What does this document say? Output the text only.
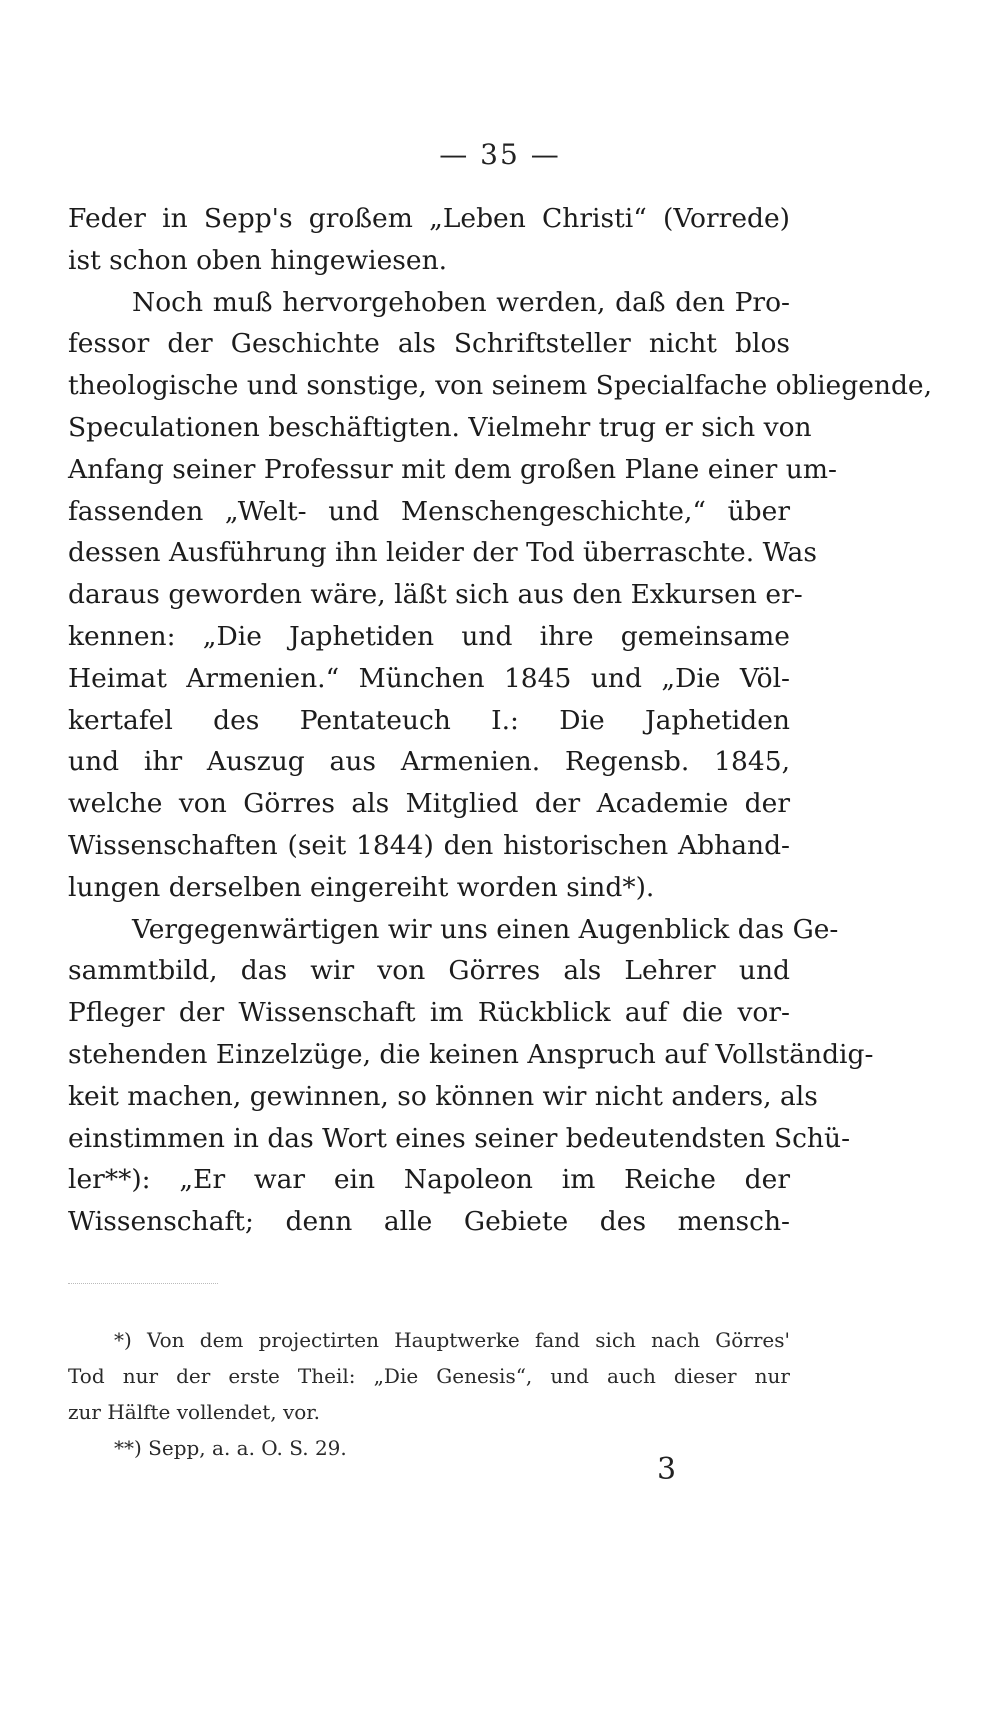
— 35 —
Feder in Sepp's großem „Leben Christi“ (Vorrede)
ist schon oben hingewiesen.
Noch muß hervorgehoben werden, daß den Pro-
fessor der Geschichte als Schriftsteller nicht blos
theologische und sonstige, von seinem Specialfache obliegende,
Speculationen beschäftigten. Vielmehr trug er sich von
Anfang seiner Professur mit dem großen Plane einer um-
fassenden „Welt- und Menschengeschichte,“ über
dessen Ausführung ihn leider der Tod überraschte. Was
daraus geworden wäre, läßt sich aus den Exkursen er-
kennen: „Die Japhetiden und ihre gemeinsame
Heimat Armenien.“ München 1845 und „Die Völ-
kertafel des Pentateuch I.: Die Japhetiden
und ihr Auszug aus Armenien. Regensb. 1845,
welche von Görres als Mitglied der Academie der
Wissenschaften (seit 1844) den historischen Abhand-
lungen derselben eingereiht worden sind*).
Vergegenwärtigen wir uns einen Augenblick das Ge-
sammtbild, das wir von Görres als Lehrer und
Pfleger der Wissenschaft im Rückblick auf die vor-
stehenden Einzelzüge, die keinen Anspruch auf Vollständig-
keit machen, gewinnen, so können wir nicht anders, als
einstimmen in das Wort eines seiner bedeutendsten Schü-
ler**): „Er war ein Napoleon im Reiche der
Wissenschaft; denn alle Gebiete des mensch-
*) Von dem projectirten Hauptwerke fand sich nach Görres'
Tod nur der erste Theil: „Die Genesis“, und auch dieser nur
zur Hälfte vollendet, vor.
**) Sepp, a. a. O. S. 29.
3
